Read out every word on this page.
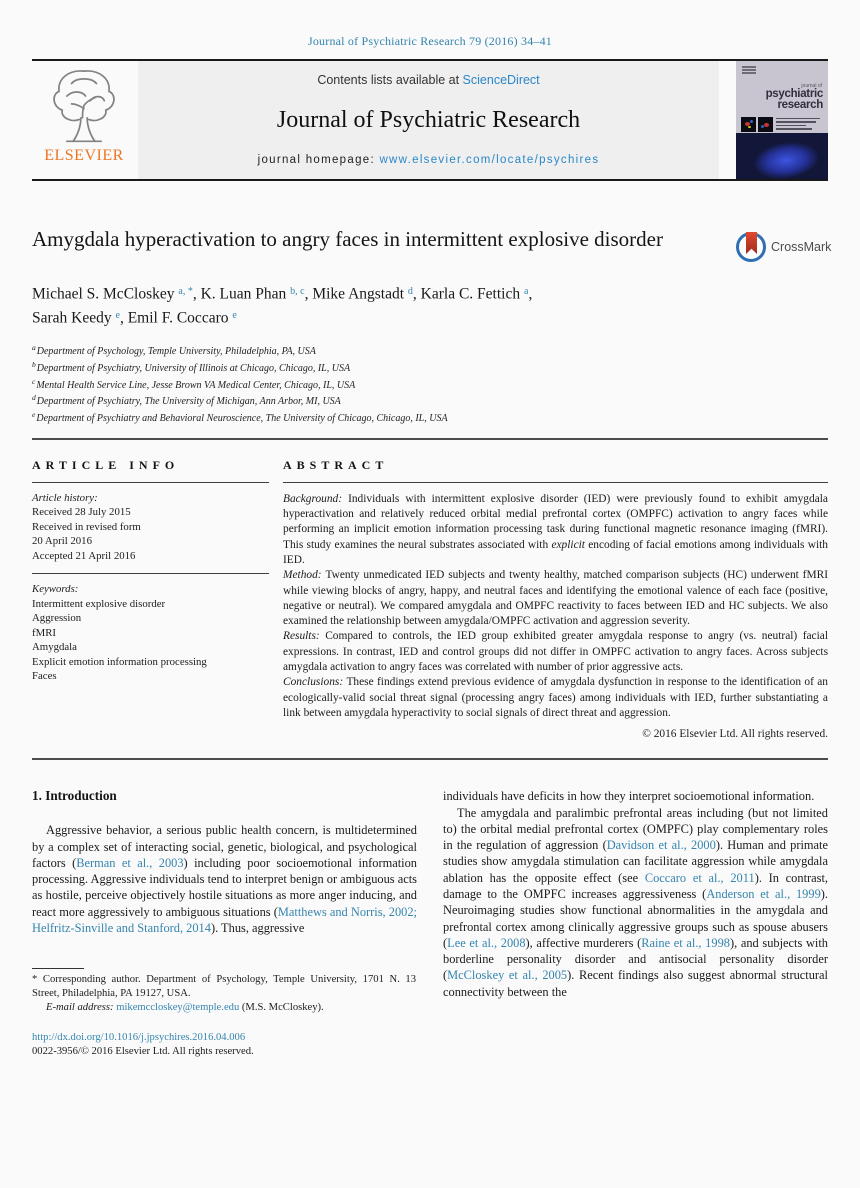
Journal of Psychiatric Research 79 (2016) 34–41
ELSEVIER
Contents lists available at ScienceDirect
Journal of Psychiatric Research
journal homepage: www.elsevier.com/locate/psychires
journal of
psychiatric
research
Amygdala hyperactivation to angry faces in intermittent explosive disorder	CrossMark
Michael S. McCloskey $^{a, *}$, K. Luan Phan $^{b, c}$, Mike Angstadt $^d$, Karla C. Fettich $^a$,
Sarah Keedy $^e$, Emil F. Coccaro $^e$
$^a$Department of Psychology, Temple University, Philadelphia, PA, USA
$^b$Department of Psychiatry, University of Illinois at Chicago, Chicago, IL, USA
$^c$Mental Health Service Line, Jesse Brown VA Medical Center, Chicago, IL, USA
$^d$Department of Psychiatry, The University of Michigan, Ann Arbor, MI, USA
$^e$Department of Psychiatry and Behavioral Neuroscience, The University of Chicago, Chicago, IL, USA
ARTICLE INFO
Article history:
Received 28 July 2015
Received in revised form
20 April 2016
Accepted 21 April 2016
Keywords:
Intermittent explosive disorder
Aggression
fMRI
Amygdala
Explicit emotion information processing
Faces
ABSTRACT

Background: Individuals with intermittent explosive disorder (IED) were previously found to exhibit amygdala hyperactivation and relatively reduced orbital medial prefrontal cortex (OMPFC) activation to angry faces while performing an implicit emotion information processing task during functional magnetic resonance imaging (fMRI). This study examines the neural substrates associated with explicit encoding of facial emotions among individuals with IED.

Method: Twenty unmedicated IED subjects and twenty healthy, matched comparison subjects (HC) underwent fMRI while viewing blocks of angry, happy, and neutral faces and identifying the emotional valence of each face (positive, negative or neutral). We compared amygdala and OMPFC reactivity to faces between IED and HC subjects. We also examined the relationship between amygdala/OMPFC activation and aggression severity.

Results: Compared to controls, the IED group exhibited greater amygdala response to angry (vs. neutral) facial expressions. In contrast, IED and control groups did not differ in OMPFC activation to angry faces. Across subjects amygdala activation to angry faces was correlated with number of prior aggressive acts.

Conclusions: These findings extend previous evidence of amygdala dysfunction in response to the identification of an ecologically-valid social threat signal (processing angry faces) among individuals with IED, further substantiating a link between amygdala hyperactivity to social signals of direct threat and aggression.

© 2016 Elsevier Ltd. All rights reserved.
1. Introduction

Aggressive behavior, a serious public health concern, is multidetermined by a complex set of interacting social, genetic, biological, and psychological factors (Berman et al., 2003) including poor socioemotional information processing. Aggressive individuals tend to interpret benign or ambiguous acts as hostile, perceive objectively hostile situations as more anger inducing, and react more aggressively to ambiguous situations (Matthews and Norris, 2002; Helfritz-Sinville and Stanford, 2014). Thus, aggressive

* Corresponding author. Department of Psychology, Temple University, 1701 N. 13 Street, Philadelphia, PA 19127, USA.

E-mail address: mikemccloskey@temple.edu (M.S. McCloskey).

http://dx.doi.org/10.1016/j.jpsychires.2016.04.006
0022-3956/© 2016 Elsevier Ltd. All rights reserved.

individuals have deficits in how they interpret socioemotional information.

The amygdala and paralimbic prefrontal areas including (but not limited to) the orbital medial prefrontal cortex (OMPFC) play complementary roles in the regulation of aggression (Davidson et al., 2000). Human and primate studies show amygdala stimulation can facilitate aggression while amygdala ablation has the opposite effect (see Coccaro et al., 2011). In contrast, damage to the OMPFC increases aggressiveness (Anderson et al., 1999). Neuroimaging studies show functional abnormalities in the amygdala and prefrontal cortex among clinically aggressive groups such as spouse abusers (Lee et al., 2008), affective murderers (Raine et al., 1998), and subjects with borderline personality disorder and antisocial personality disorder (McCloskey et al., 2005). Recent findings also suggest abnormal structural connectivity between the
